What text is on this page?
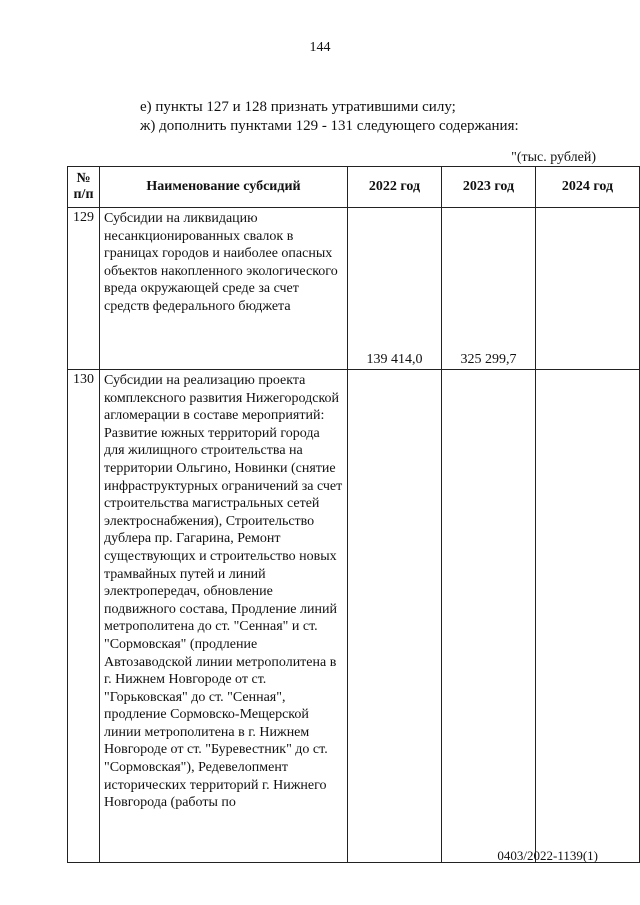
144

е) пункты 127 и 128 признать утратившими силу;

ж) дополнить пунктами 129 - 131 следующего содержания:

"(тыс. рублей)
№
п/п	Наименование субсидий	2022 год	2023 год	2024 год
129	Субсидии на ликвидацию несанкционированных свалок в границах городов и наиболее опасных объектов накопленного экологического вреда окружающей среде за счет средств федерального бюджета	139 414,0	325 299,7	
130	Субсидии на реализацию проекта комплексного развития Нижегородской агломерации в составе мероприятий: Развитие южных территорий города для жилищного строительства на территории Ольгино, Новинки (снятие инфраструктурных ограничений за счет строительства магистральных сетей электроснабжения), Строительство дублера пр. Гагарина, Ремонт существующих и строительство новых трамвайных путей и линий электропередач, обновление подвижного состава, Продление линий метрополитена до ст. "Сенная" и ст. "Сормовская" (продление Автозаводской линии метрополитена в г. Нижнем Новгороде от ст. "Горьковская" до ст. "Сенная", продление Сормовско-Мещерской линии метрополитена в г. Нижнем Новгороде от ст. "Буревестник" до ст. "Сормовская"), Редевелопмент исторических территорий г. Нижнего Новгорода (работы по			
0403/2022-1139(1)
